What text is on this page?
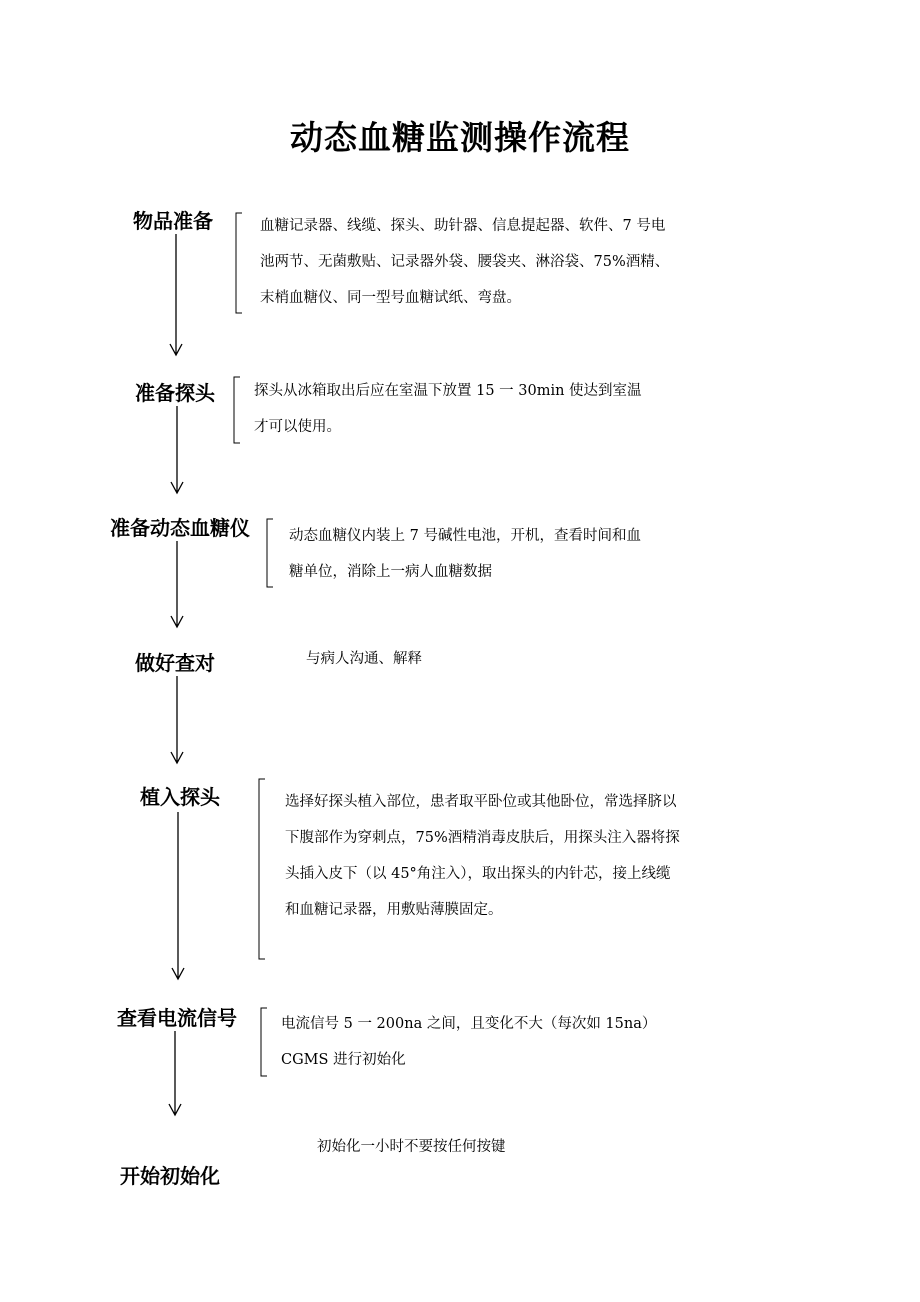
动态血糖监测操作流程
物品准备	血糖记录器、线缆、探头、助针器、信息提起器、软件、7 号电
池两节、无菌敷贴、记录器外袋、腰袋夹、淋浴袋、75%酒精、
末梢血糖仪、同一型号血糖试纸、弯盘。
准备探头	探头从冰箱取出后应在室温下放置 15 一 30min 使达到室温
才可以使用。
准备动态血糖仪	动态血糖仪内装上 7 号碱性电池，开机，查看时间和血
糖单位，消除上一病人血糖数据
做好查对	与病人沟通、解释
植入探头	选择好探头植入部位，患者取平卧位或其他卧位，常选择脐以
下腹部作为穿刺点，75%酒精消毒皮肤后，用探头注入器将探
头插入皮下（以 45°角注入），取出探头的内针芯，接上线缆
和血糖记录器，用敷贴薄膜固定。
查看电流信号	电流信号 5 一 200na 之间，且变化不大（每次如 15na）
CGMS 进行初始化
初始化一小时不要按任何按键
开始初始化
